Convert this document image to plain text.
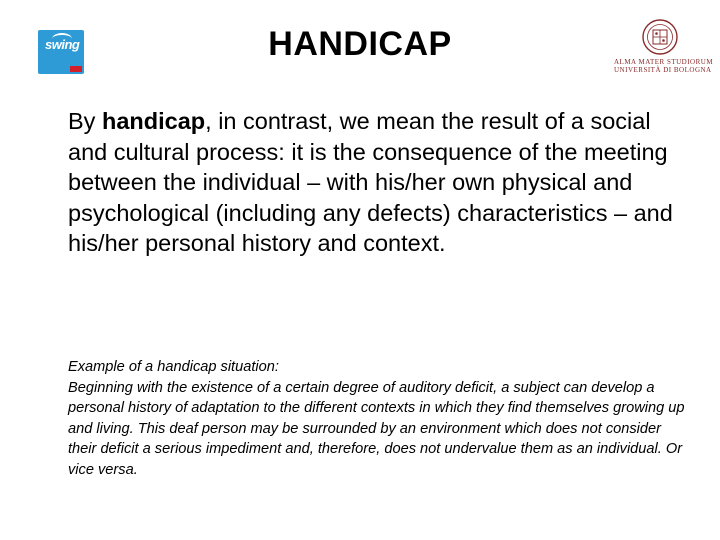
swing	HANDICAP	ALMA MATER STUDIORUM
UNIVERSITÀ DI BOLOGNA

By handicap, in contrast, we mean the result of a social and cultural process: it is the consequence of the meeting between the individual – with his/her own physical and psychological (including any defects) characteristics – and his/her personal history and context.

Example of a handicap situation:
Beginning with the existence of a certain degree of auditory deficit, a subject can develop a personal history of adaptation to the different contexts in which they find themselves growing up and living. This deaf person may be surrounded by an environment which does not consider their deficit a serious impediment and, therefore, does not undervalue them as an individual. Or vice versa.
